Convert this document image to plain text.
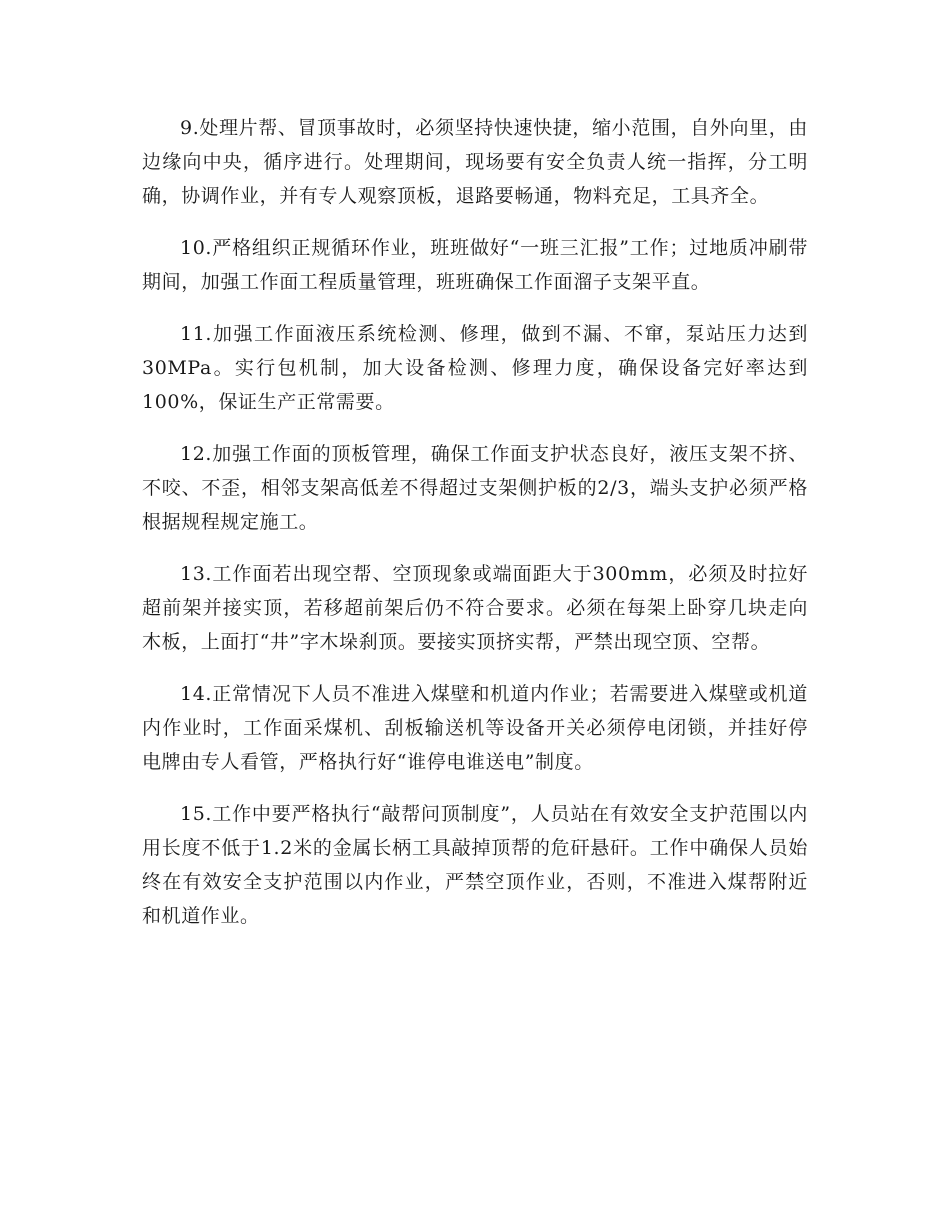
9.处理片帮、冒顶事故时，必须坚持快速快捷，缩小范围，自外向里，由边缘向中央，循序进行。处理期间，现场要有安全负责人统一指挥，分工明确，协调作业，并有专人观察顶板，退路要畅通，物料充足，工具齐全。

10.严格组织正规循环作业，班班做好“一班三汇报”工作；过地质冲刷带期间，加强工作面工程质量管理，班班确保工作面溜子支架平直。

11.加强工作面液压系统检测、修理，做到不漏、不窜，泵站压力达到30MPa。实行包机制，加大设备检测、修理力度，确保设备完好率达到100%，保证生产正常需要。

12.加强工作面的顶板管理，确保工作面支护状态良好，液压支架不挤、不咬、不歪，相邻支架高低差不得超过支架侧护板的2/3，端头支护必须严格根据规程规定施工。

13.工作面若出现空帮、空顶现象或端面距大于300mm，必须及时拉好超前架并接实顶，若移超前架后仍不符合要求。必须在每架上卧穿几块走向木板，上面打“井”字木垛刹顶。要接实顶挤实帮，严禁出现空顶、空帮。

14.正常情况下人员不准进入煤壁和机道内作业；若需要进入煤壁或机道内作业时，工作面采煤机、刮板输送机等设备开关必须停电闭锁，并挂好停电牌由专人看管，严格执行好“谁停电谁送电”制度。

15.工作中要严格执行“敲帮问顶制度”，人员站在有效安全支护范围以内用长度不低于1.2米的金属长柄工具敲掉顶帮的危矸悬矸。工作中确保人员始终在有效安全支护范围以内作业，严禁空顶作业，否则，不准进入煤帮附近和机道作业。
